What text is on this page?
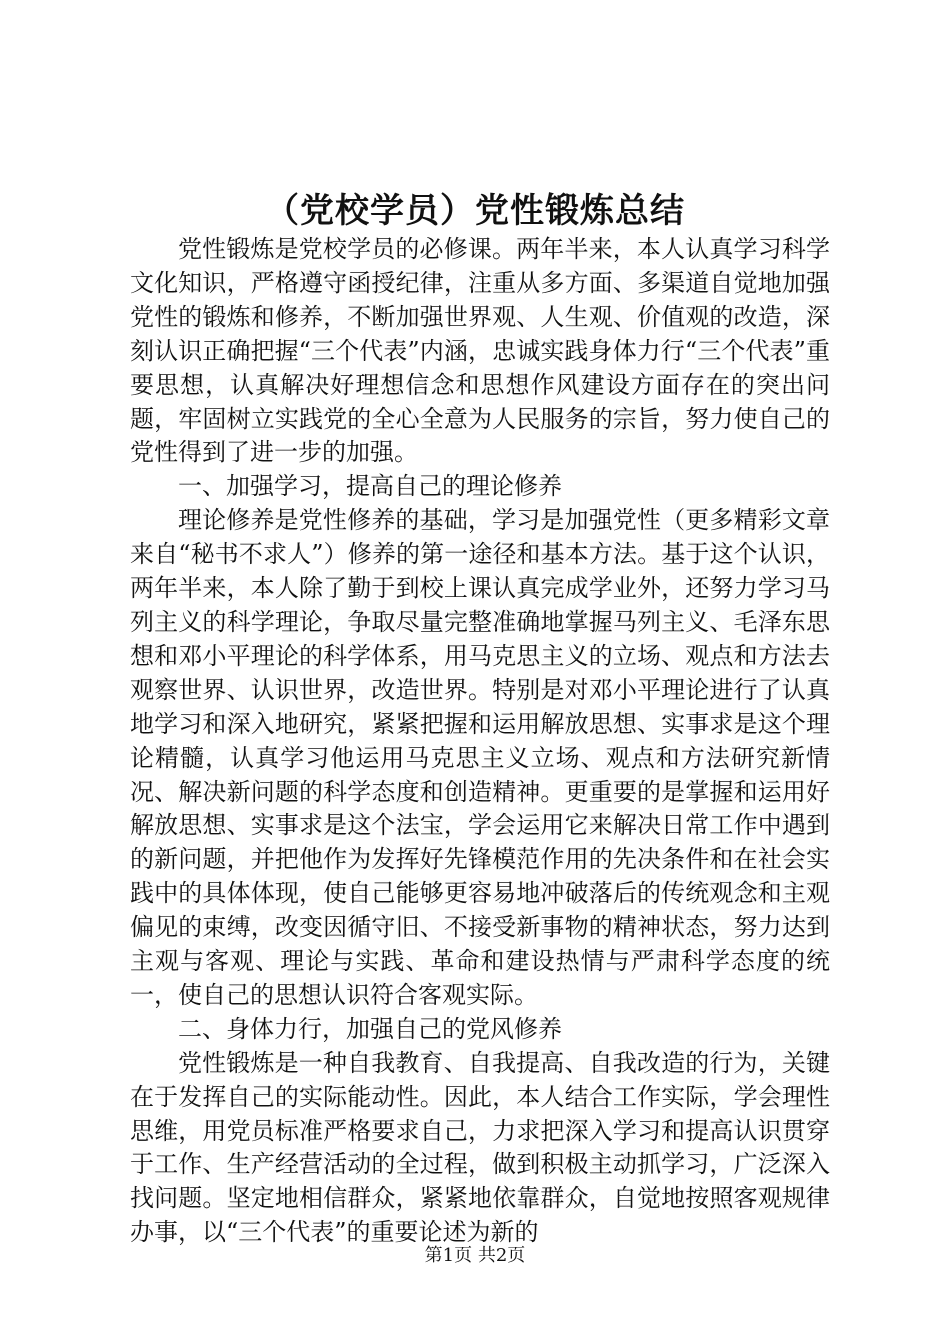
（党校学员）党性锻炼总结

党性锻炼是党校学员的必修课。两年半来，本人认真学习科学文化知识，严格遵守函授纪律，注重从多方面、多渠道自觉地加强党性的锻炼和修养，不断加强世界观、人生观、价值观的改造，深刻认识正确把握“三个代表”内涵，忠诚实践身体力行“三个代表”重要思想，认真解决好理想信念和思想作风建设方面存在的突出问题，牢固树立实践党的全心全意为人民服务的宗旨，努力使自己的党性得到了进一步的加强。

一、加强学习，提高自己的理论修养

理论修养是党性修养的基础，学习是加强党性（更多精彩文章来自“秘书不求人”）修养的第一途径和基本方法。基于这个认识，两年半来，本人除了勤于到校上课认真完成学业外，还努力学习马列主义的科学理论，争取尽量完整准确地掌握马列主义、毛泽东思想和邓小平理论的科学体系，用马克思主义的立场、观点和方法去观察世界、认识世界，改造世界。特别是对邓小平理论进行了认真地学习和深入地研究，紧紧把握和运用解放思想、实事求是这个理论精髓，认真学习他运用马克思主义立场、观点和方法研究新情况、解决新问题的科学态度和创造精神。更重要的是掌握和运用好解放思想、实事求是这个法宝，学会运用它来解决日常工作中遇到的新问题，并把他作为发挥好先锋模范作用的先决条件和在社会实践中的具体体现，使自己能够更容易地冲破落后的传统观念和主观偏见的束缚，改变因循守旧、不接受新事物的精神状态，努力达到主观与客观、理论与实践、革命和建设热情与严肃科学态度的统一，使自己的思想认识符合客观实际。

二、身体力行，加强自己的党风修养

党性锻炼是一种自我教育、自我提高、自我改造的行为，关键在于发挥自己的实际能动性。因此，本人结合工作实际，学会理性思维，用党员标准严格要求自己，力求把深入学习和提高认识贯穿于工作、生产经营活动的全过程，做到积极主动抓学习，广泛深入找问题。坚定地相信群众，紧紧地依靠群众，自觉地按照客观规律办事，以“三个代表”的重要论述为新的

第1页 共2页
